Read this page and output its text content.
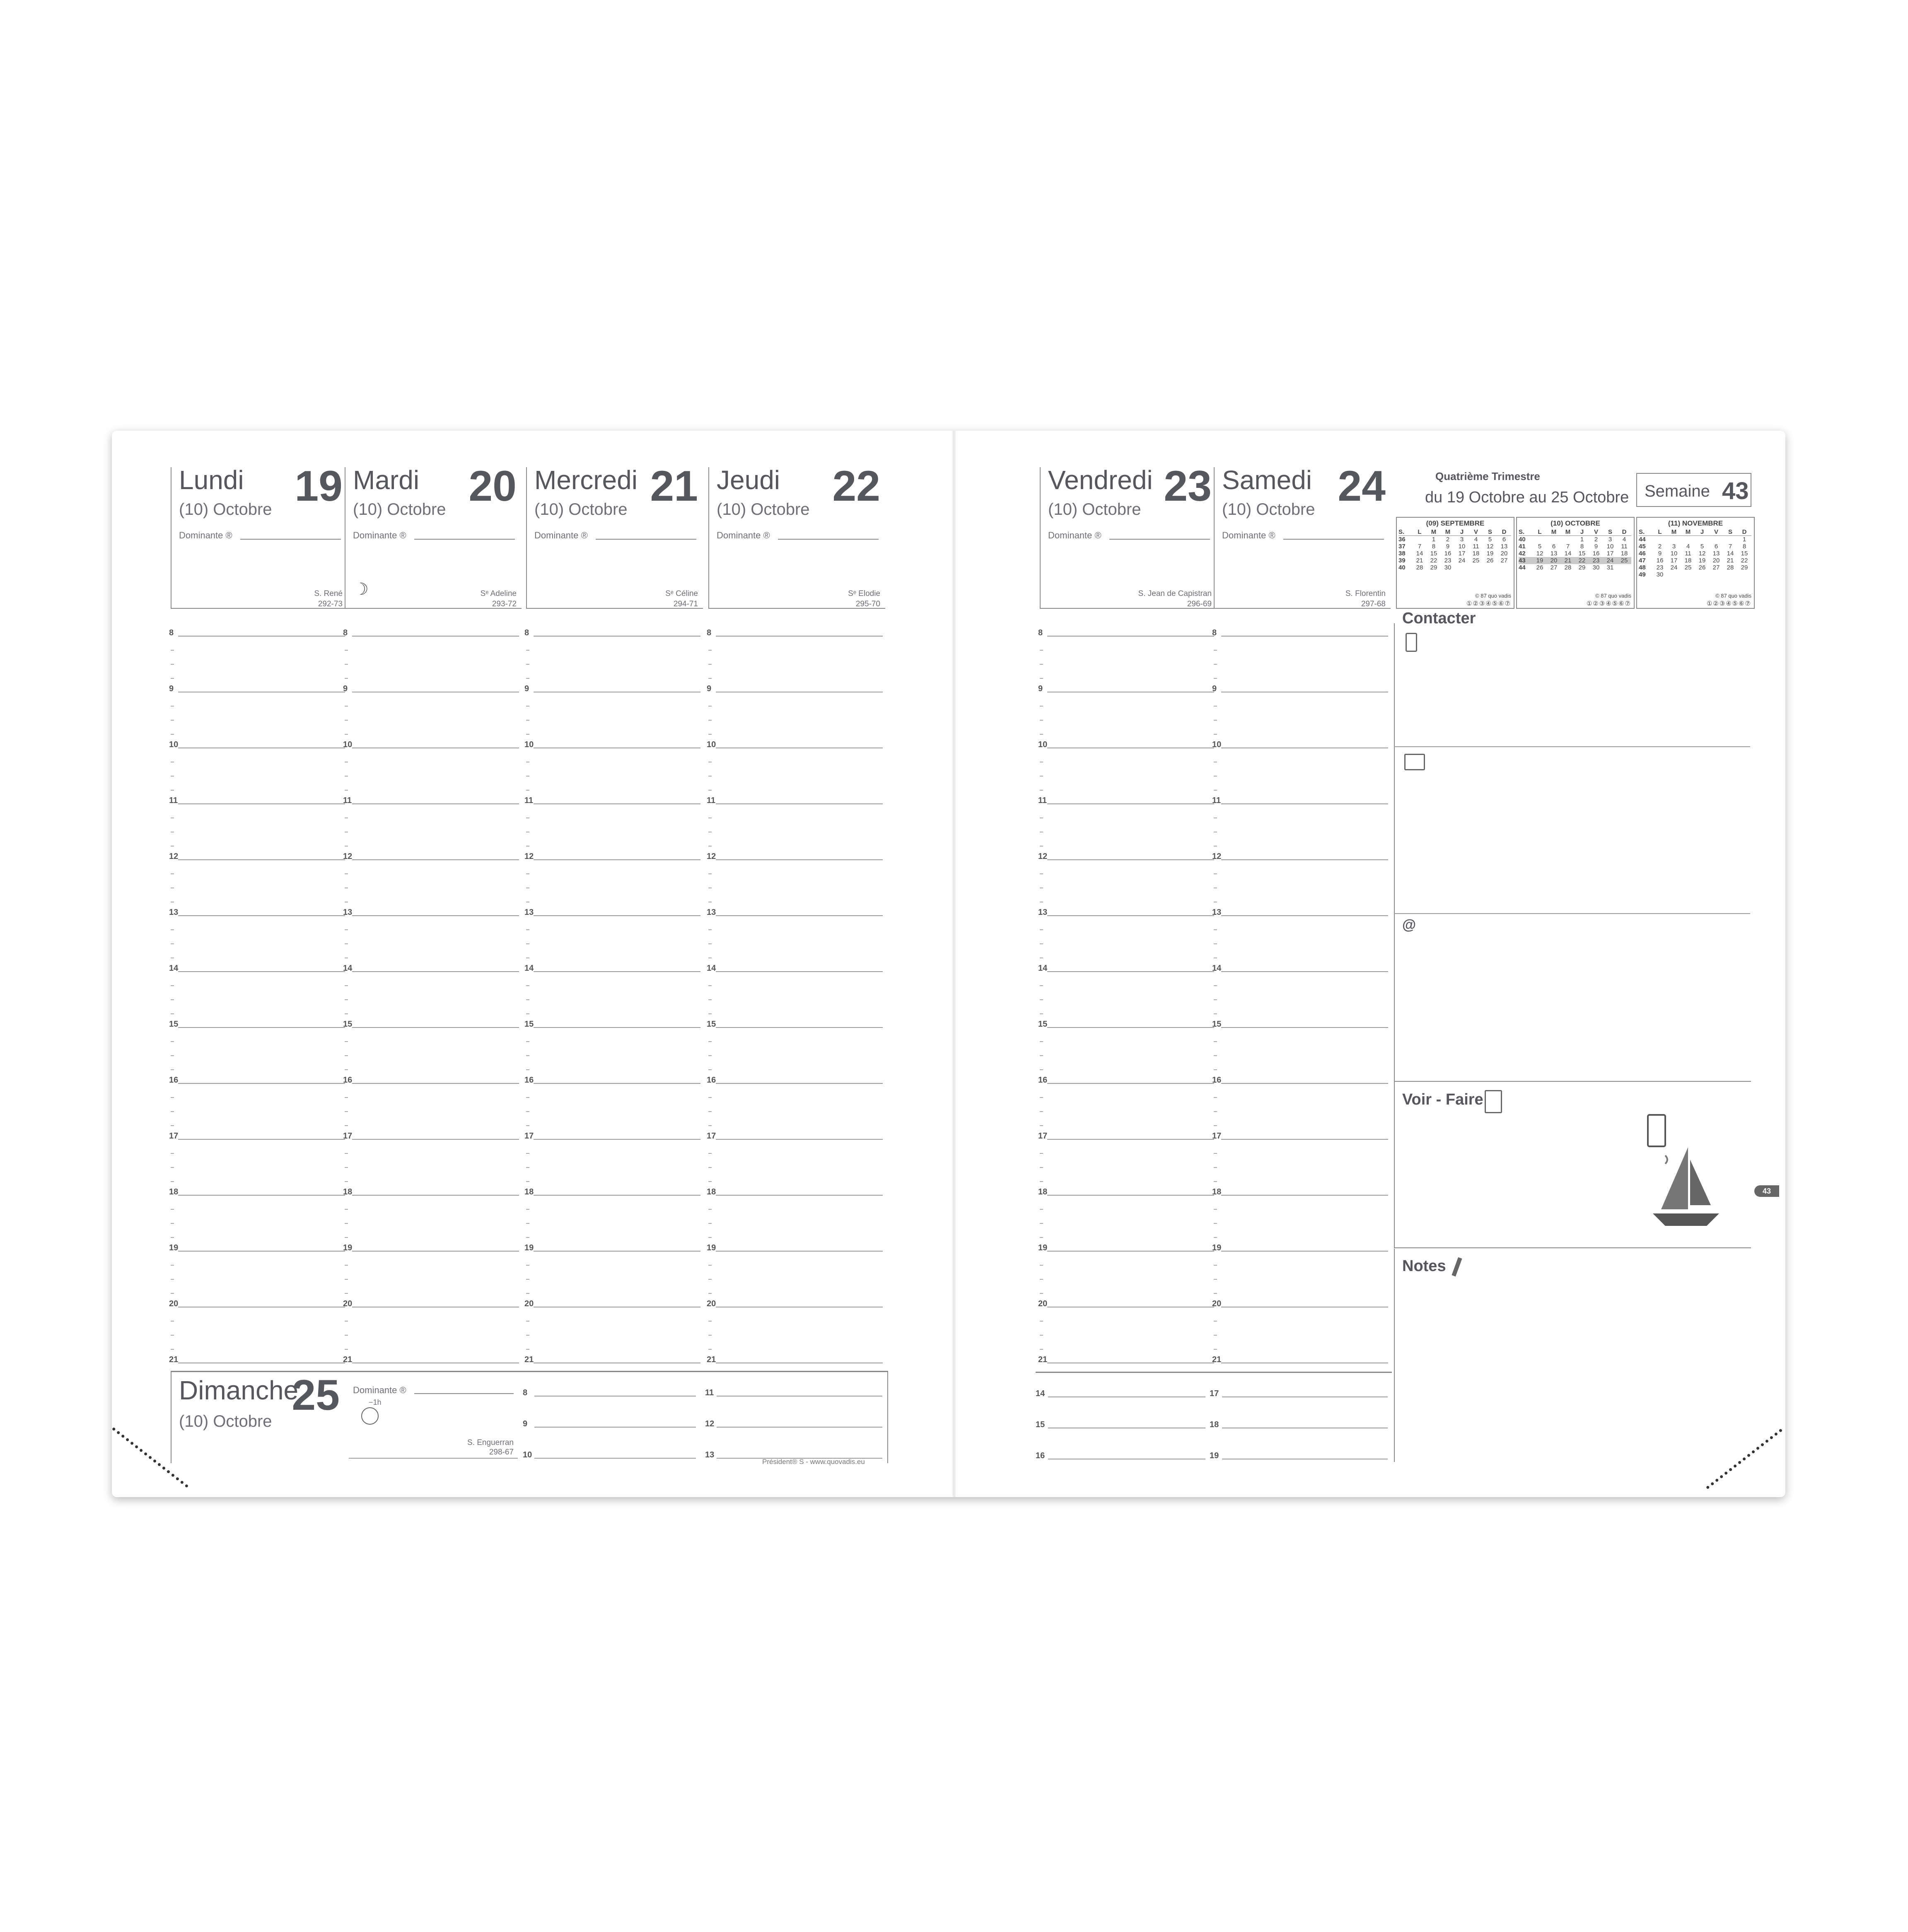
Lundi 19
(10) Octobre
Dominante ®
S. René
292-73
8
9
10
11
12
13
14
15
16
17
18
19
20
21
Mardi 20
(10) Octobre
Dominante ®
Sᵉ Adeline
293-72
☽
8
9
10
11
12
13
14
15
16
17
18
19
20
21
Mercredi 21
(10) Octobre
Dominante ®
Sᵉ Céline
294-71
8
9
10
11
12
13
14
15
16
17
18
19
20
21
Jeudi 22
(10) Octobre
Dominante ®
Sᵉ Elodie
295-70
8
9
10
11
12
13
14
15
16
17
18
19
20
21
Vendredi 23
(10) Octobre
Dominante ®
S. Jean de Capistran
296-69
8
9
10
11
12
13
14
15
16
17
18
19
20
21
Samedi 24
(10) Octobre
Dominante ®
S. Florentin
297-68
8
9
10
11
12
13
14
15
16
17
18
19
20
21
Dimanche
25
(10) Octobre
Dominante ®
−1h
S. Enguerran
298-67
8	11
9	12
10	13
Président® S - www.quovadis.eu
14	17
15	18
16	19
Quatrième Trimestre
du 19 Octobre au 25 Octobre Semaine 43
(09) SEPTEMBRE
S.	L	M	M	J	V	S	D
36		1	2	3	4	5	6
37	7	8	9	10	11	12	13
38	14	15	16	17	18	19	20
39	21	22	23	24	25	26	27
40	28	29	30				
© 87 quo vadis
①②③④⑤⑥⑦
(10) OCTOBRE
S.	L	M	M	J	V	S	D
40				1	2	3	4
41	5	6	7	8	9	10	11
42	12	13	14	15	16	17	18
43	19	20	21	22	23	24	25
44	26	27	28	29	30	31	
© 87 quo vadis
①②③④⑤⑥⑦
(11) NOVEMBRE
S.	L	M	M	J	V	S	D
44							1
45	2	3	4	5	6	7	8
46	9	10	11	12	13	14	15
47	16	17	18	19	20	21	22
48	23	24	25	26	27	28	29
49	30						
© 87 quo vadis
①②③④⑤⑥⑦
Contacter
@
Voir - Faire
43
Notes
